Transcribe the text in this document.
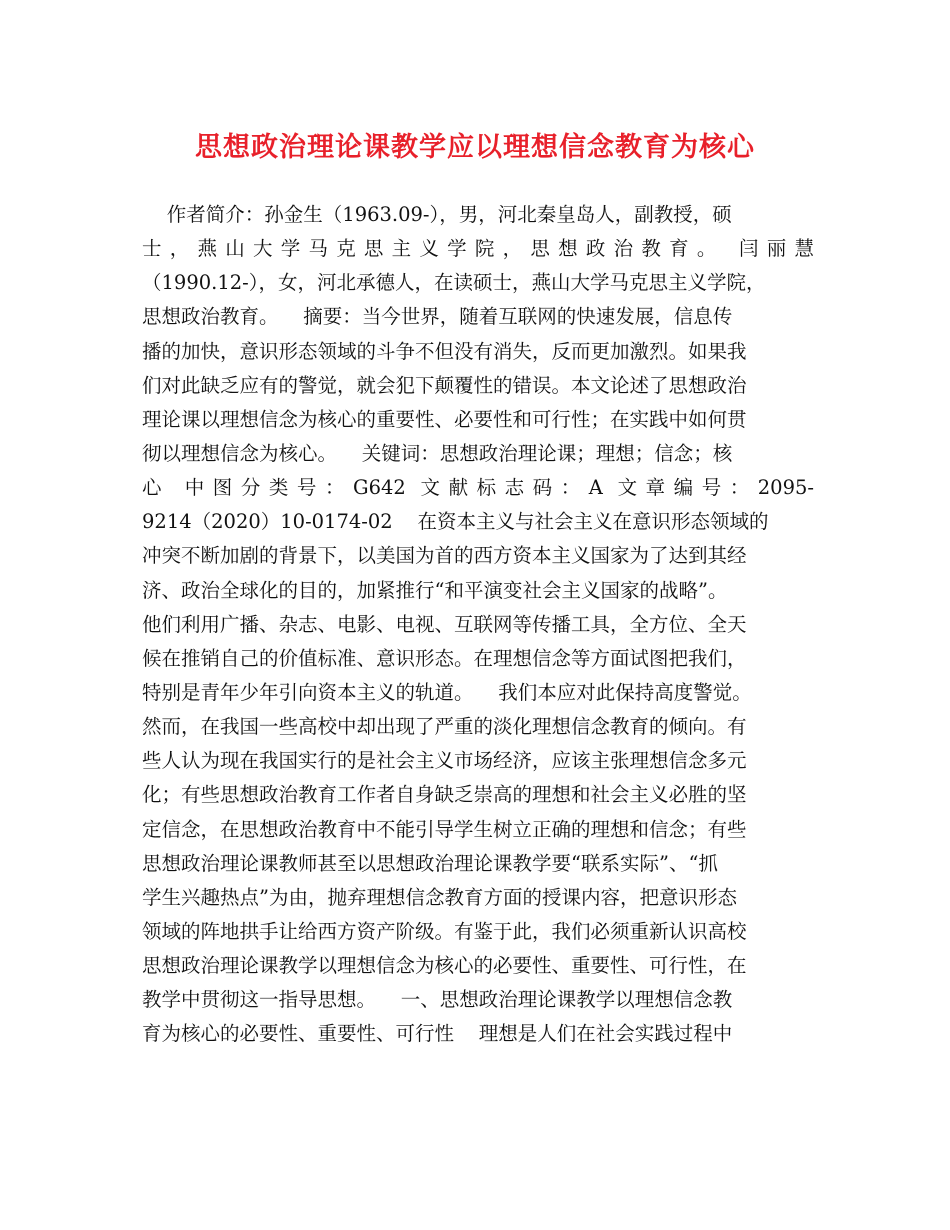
思想政治理论课教学应以理想信念教育为核心
作者简介：孙金生（1963.09-），男，河北秦皇岛人，副教授，硕
士，燕山大学马克思主义学院，思想政治教育。 闫丽慧
（1990.12-），女，河北承德人，在读硕士，燕山大学马克思主义学院，
思想政治教育。    摘要：当今世界，随着互联网的快速发展，信息传
播的加快，意识形态领域的斗争不但没有消失，反而更加激烈。如果我
们对此缺乏应有的警觉，就会犯下颠覆性的错误。本文论述了思想政治
理论课以理想信念为核心的重要性、必要性和可行性；在实践中如何贯
彻以理想信念为核心。    关键词：思想政治理论课；理想；信念；核
心 中图分类号：G642 文献标志码：A 文章编号：2095-
9214（2020）10-0174-02    在资本主义与社会主义在意识形态领域的
冲突不断加剧的背景下，以美国为首的西方资本主义国家为了达到其经
济、政治全球化的目的，加紧推行“和平演变社会主义国家的战略”。
他们利用广播、杂志、电影、电视、互联网等传播工具，全方位、全天
候在推销自己的价值标准、意识形态。在理想信念等方面试图把我们，
特别是青年少年引向资本主义的轨道。    我们本应对此保持高度警觉。
然而，在我国一些高校中却出现了严重的淡化理想信念教育的倾向。有
些人认为现在我国实行的是社会主义市场经济，应该主张理想信念多元
化；有些思想政治教育工作者自身缺乏崇高的理想和社会主义必胜的坚
定信念，在思想政治教育中不能引导学生树立正确的理想和信念；有些
思想政治理论课教师甚至以思想政治理论课教学要“联系实际”、“抓
学生兴趣热点”为由，抛弃理想信念教育方面的授课内容，把意识形态
领域的阵地拱手让给西方资产阶级。有鉴于此，我们必须重新认识高校
思想政治理论课教学以理想信念为核心的必要性、重要性、可行性，在
教学中贯彻这一指导思想。    一、思想政治理论课教学以理想信念教
育为核心的必要性、重要性、可行性    理想是人们在社会实践过程中
